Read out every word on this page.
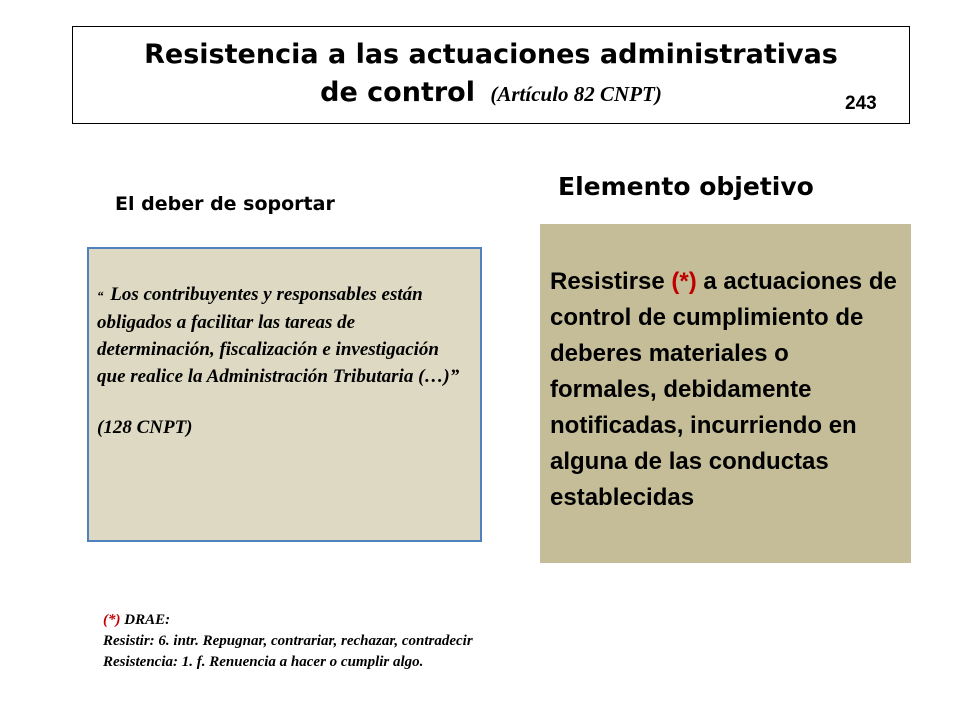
Resistencia a las actuaciones administrativas
de control (Artículo 82 CNPT)	243
Elemento objetivo
El deber de soportar
“ Los contribuyentes y responsables están obligados a facilitar las tareas de determinación, fiscalización e investigación que realice la Administración Tributaria (…)”
(128 CNPT)
Resistirse (*) a actuaciones de control de cumplimiento de deberes materiales o formales, debidamente notificadas, incurriendo en alguna de las conductas establecidas
(*) DRAE:
Resistir: 6. intr. Repugnar, contrariar, rechazar, contradecir
Resistencia: 1. f. Renuencia a hacer o cumplir algo.
